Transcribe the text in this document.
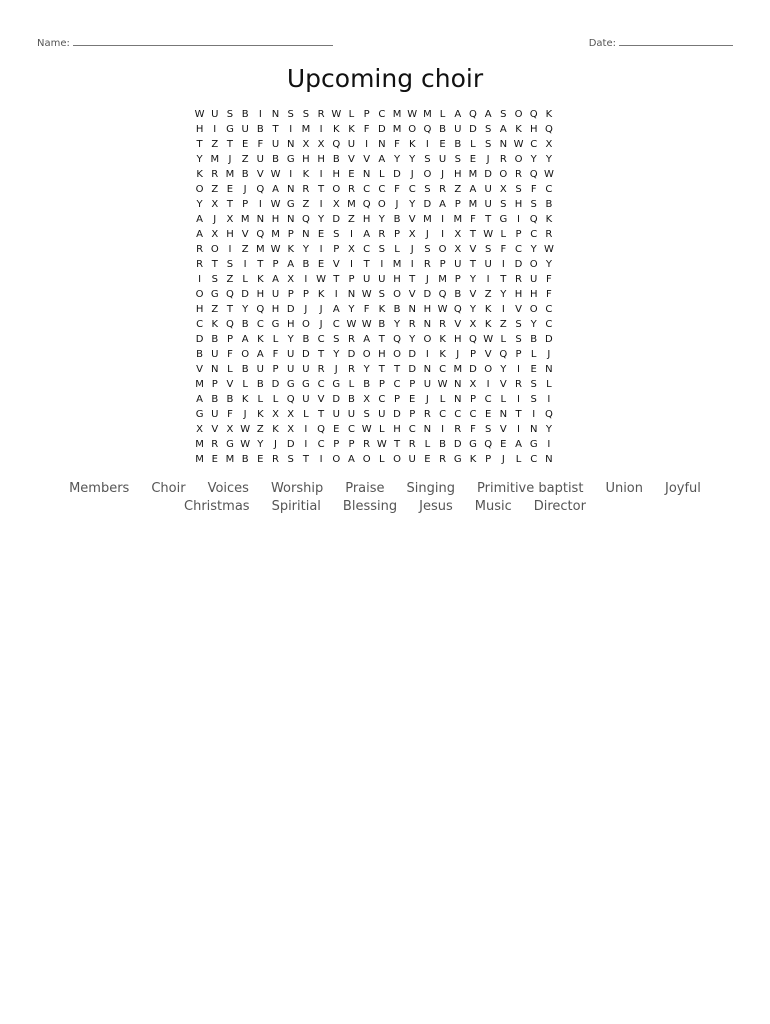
Name:	Date:
Upcoming choir
W U S B	I N S S R W L P C M W M L A Q A S O Q K
H I G U B T	I M I	K K F D M O Q B U D S A K H Q
T Z T E F U N X X Q U	I N F K	I	E B L S N W C X
Y M J	Z U B G H H B V V A Y Y S U S E	J	R O Y Y
K R M B V W I	K	I H E N L D J O J H M D O R Q W
O Z E	J Q A N R T O R C C F C S R Z A U X S F C
Y X T P	I W G Z	I	X M Q O J	Y D A P M U S H S B
A	J	X M N H N Q Y D Z H Y B V M I M F T G I Q K
A X H V Q M P N E S	I	A R P X	J	I	X T W L P C R
R O I	Z M W K Y	I	P X C S L	J	S O X V S F C Y W
R T S	I	T P A B E V	I	T	I M I	R P U T U	I D O Y
I	S Z L K A X	I W T P U U H T	J M P Y	I	T R U F
O G Q D H U P P K	I N W S O V D Q B V Z Y H H F
H Z T Y Q H D J	J	A Y F K B N H W Q Y K	I	V O C
C K Q B C G H O J	C W W B Y R N R V X K Z S Y C
D B P A K L Y B C S R A T Q Y O K H Q W L S B D
B U F O A F U D T Y D O H O D I	K	J	P V Q P L	J
V N L B U P U U R	J	R Y T T D N C M D O Y	I	E N
M P V L B D G G C G L B P C P U W N X	I	V R S L
A B B K L L Q U V D B X C P E	J	L N P C L	I	S	I
G U F	J	K X X L T U U S U D P R C C C E N T	I Q
X V X W Z K X	I Q E C W L H C N I	R F S V	I N Y
M R G W Y	J D I	C P P R W T R L B D G Q E A G I
M E M B E R S T	I O A O L O U E R G K P	J	L C N
Members Choir Voices Worship Praise Singing Primitive baptist Union Joyful
Christmas Spiritial Blessing Jesus Music Director
